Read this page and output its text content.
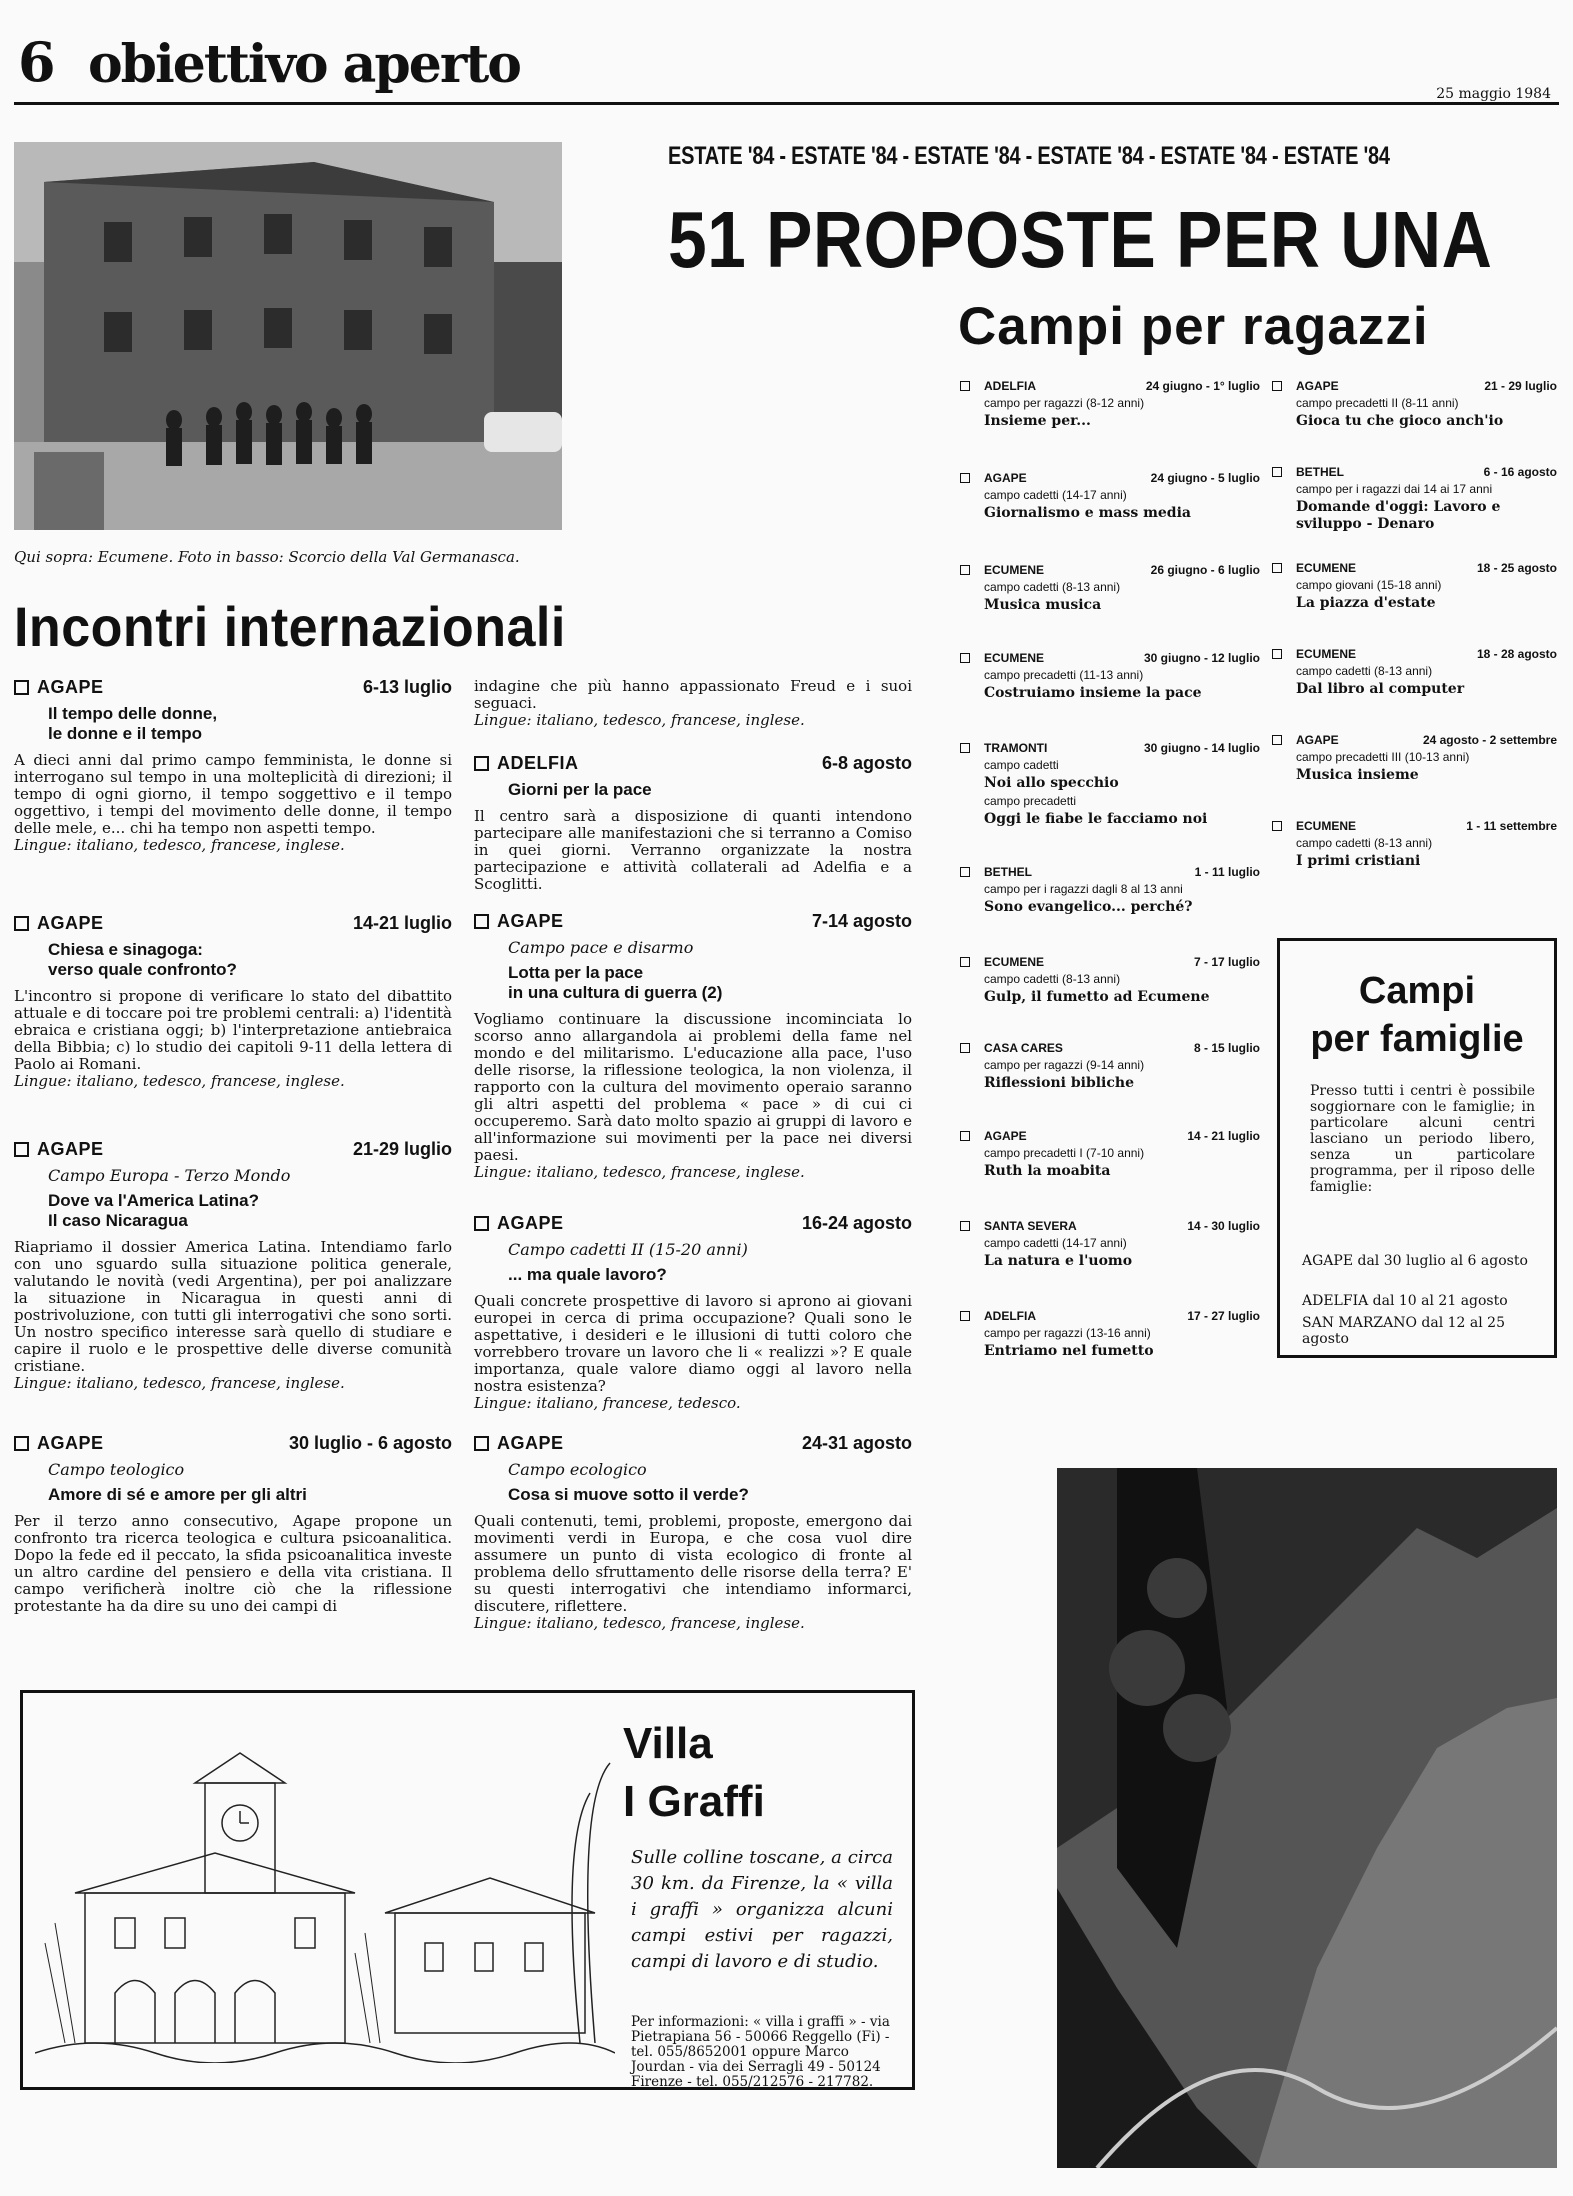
6 obiettivo aperto	25 maggio 1984
Qui sopra: Ecumene. Foto in basso: Scorcio della Val Germanasca.
ESTATE '84 - ESTATE '84 - ESTATE '84 - ESTATE '84 - ESTATE '84 - ESTATE '84
51 PROPOSTE PER UNA
Campi per ragazzi
Incontri internazionali
AGAPE	6-13 luglio
Il tempo delle donne,
le donne e il tempo
A dieci anni dal primo campo femminista, le donne si interrogano sul tempo in una molteplicità di direzioni; il tempo di ogni giorno, il tempo soggettivo e il tempo oggettivo, i tempi del movimento delle donne, il tempo delle mele, e... chi ha tempo non aspetti tempo.
Lingue: italiano, tedesco, francese, inglese.
AGAPE	14-21 luglio
Chiesa e sinagoga:
verso quale confronto?
L'incontro si propone di verificare lo stato del dibattito attuale e di toccare poi tre problemi centrali: a) l'identità ebraica e cristiana oggi; b) l'interpretazione antiebraica della Bibbia; c) lo studio dei capitoli 9-11 della lettera di Paolo ai Romani.
Lingue: italiano, tedesco, francese, inglese.
AGAPE	21-29 luglio
Campo Europa - Terzo Mondo
Dove va l'America Latina?
Il caso Nicaragua
Riapriamo il dossier America Latina. Intendiamo farlo con uno sguardo sulla situazione politica generale, valutando le novità (vedi Argentina), per poi analizzare la situazione in Nicaragua in questi anni di postrivoluzione, con tutti gli interrogativi che sono sorti. Un nostro specifico interesse sarà quello di studiare e capire il ruolo e le prospettive delle diverse comunità cristiane.
Lingue: italiano, tedesco, francese, inglese.
AGAPE	30 luglio - 6 agosto
Campo teologico
Amore di sé e amore per gli altri
Per il terzo anno consecutivo, Agape propone un confronto tra ricerca teologica e cultura psicoanalitica. Dopo la fede ed il peccato, la sfida psicoanalitica investe un altro cardine del pensiero e della vita cristiana. Il campo verificherà inoltre ciò che la riflessione protestante ha da dire su uno dei campi di
indagine che più hanno appassionato Freud e i suoi seguaci.
Lingue: italiano, tedesco, francese, inglese.
ADELFIA	6-8 agosto
Giorni per la pace
Il centro sarà a disposizione di quanti intendono partecipare alle manifestazioni che si terranno a Comiso in quei giorni. Verranno organizzate la nostra partecipazione e attività collaterali ad Adelfia e a Scoglitti.
AGAPE	7-14 agosto
Campo pace e disarmo
Lotta per la pace
in una cultura di guerra (2)
Vogliamo continuare la discussione incominciata lo scorso anno allargandola ai problemi della fame nel mondo e del militarismo. L'educazione alla pace, l'uso delle risorse, la riflessione teologica, la non violenza, il rapporto con la cultura del movimento operaio saranno gli altri aspetti del problema « pace » di cui ci occuperemo. Sarà dato molto spazio ai gruppi di lavoro e all'informazione sui movimenti per la pace nei diversi paesi.
Lingue: italiano, tedesco, francese, inglese.
AGAPE	16-24 agosto
Campo cadetti II (15-20 anni)
... ma quale lavoro?
Quali concrete prospettive di lavoro si aprono ai giovani europei in cerca di prima occupazione? Quali sono le aspettative, i desideri e le illusioni di tutti coloro che vorrebbero trovare un lavoro che li « realizzi »? E quale importanza, quale valore diamo oggi al lavoro nella nostra esistenza?
Lingue: italiano, francese, tedesco.
AGAPE	24-31 agosto
Campo ecologico
Cosa si muove sotto il verde?
Quali contenuti, temi, problemi, proposte, emergono dai movimenti verdi in Europa, e che cosa vuol dire assumere un punto di vista ecologico di fronte al problema dello sfruttamento delle risorse della terra? E' su questi interrogativi che intendiamo informarci, discutere, riflettere.
Lingue: italiano, tedesco, francese, inglese.
ADELFIA	24 giugno - 1° luglio
campo per ragazzi (8-12 anni)
Insieme per...
AGAPE	24 giugno - 5 luglio
campo cadetti (14-17 anni)
Giornalismo e mass media
ECUMENE	26 giugno - 6 luglio
campo cadetti (8-13 anni)
Musica musica
ECUMENE	30 giugno - 12 luglio
campo precadetti (11-13 anni)
Costruiamo insieme la pace
TRAMONTI	30 giugno - 14 luglio
campo cadetti
Noi allo specchio
campo precadetti
Oggi le fiabe le facciamo noi
BETHEL	1 - 11 luglio
campo per i ragazzi dagli 8 al 13 anni
Sono evangelico... perché?
ECUMENE	7 - 17 luglio
campo cadetti (8-13 anni)
Gulp, il fumetto ad Ecumene
CASA CARES	8 - 15 luglio
campo per ragazzi (9-14 anni)
Riflessioni bibliche
AGAPE	14 - 21 luglio
campo precadetti I (7-10 anni)
Ruth la moabita
SANTA SEVERA	14 - 30 luglio
campo cadetti (14-17 anni)
La natura e l'uomo
ADELFIA	17 - 27 luglio
campo per ragazzi (13-16 anni)
Entriamo nel fumetto
AGAPE	21 - 29 luglio
campo precadetti II (8-11 anni)
Gioca tu che gioco anch'io
BETHEL	6 - 16 agosto
campo per i ragazzi dai 14 ai 17 anni
Domande d'oggi: Lavoro e sviluppo - Denaro
ECUMENE	18 - 25 agosto
campo giovani (15-18 anni)
La piazza d'estate
ECUMENE	18 - 28 agosto
campo cadetti (8-13 anni)
Dal libro al computer
AGAPE	24 agosto - 2 settembre
campo precadetti III (10-13 anni)
Musica insieme
ECUMENE	1 - 11 settembre
campo cadetti (8-13 anni)
I primi cristiani
Campi
per famiglie
Presso tutti i centri è possibile soggiornare con le famiglie; in particolare alcuni centri lasciano un periodo libero, senza un particolare programma, per il riposo delle famiglie:
AGAPE dal 30 luglio al 6 agosto
ADELFIA dal 10 al 21 agosto
SAN MARZANO dal 12 al 25 agosto
Villa
I Graffi
Sulle colline toscane, a circa 30 km. da Firenze, la « villa i graffi » organizza alcuni campi estivi per ragazzi, campi di lavoro e di studio.
Per informazioni: « villa i graffi » - via Pietrapiana 56 - 50066 Reggello (Fi) - tel. 055/8652001 oppure Marco Jourdan - via dei Serragli 49 - 50124 Firenze - tel. 055/212576 - 217782.
